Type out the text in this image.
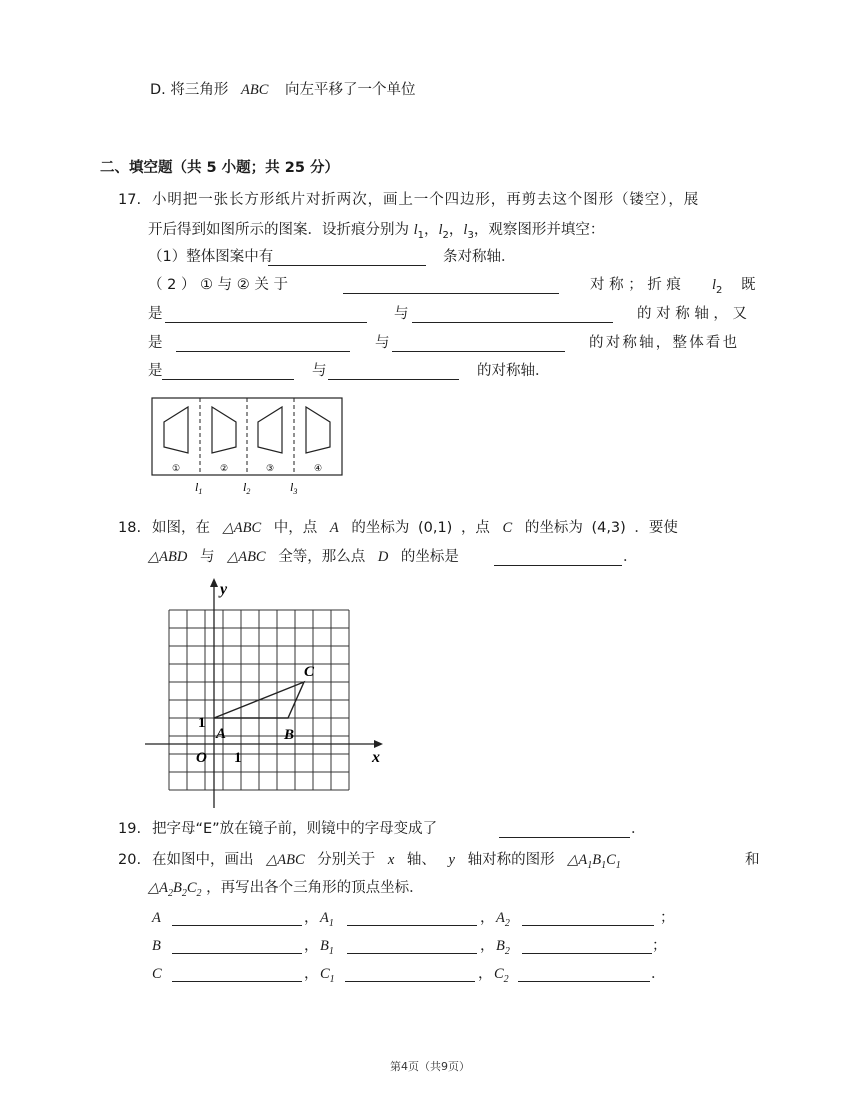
D. 将三角形 ABC 向左平移了一个单位
二、填空题（共 5 小题；共 25 分）
17. 小明把一张长方形纸片对折两次，画上一个四边形，再剪去这个图形（镂空），展
开后得到如图所示的图案．设折痕分别为 $l_1$，$l_2$，$l_3$，观察图形并填空：
（1）整体图案中有	条对称轴．
（ 2 ） ① 与 ② 关 于	对 称 ； 折 痕 $l_2$ 既
是	与	的 对 称 轴 ， 又
是	与	的对称轴，整体看也
是	与	的对称轴．
①	②	③	④
$l_1$	$l_2$	$l_3$
18. 如图，在 △ABC 中，点 A 的坐标为 (0,1) ，点 C 的坐标为 (4,3) ．要使
△ABD 与 △ABC 全等，那么点 D 的坐标是	．
y
x
O 1
1
A	B
C
19. 把字母“E”放在镜子前，则镜中的字母变成了	．
20. 在如图中，画出 △ABC 分别关于 x 轴、 y 轴对称的图形 $\triangle A_1B_1C_1$	和
$\triangle A_2B_2C_2$ ，再写出各个三角形的顶点坐标．
A	， $A_1$	， $A_2$	；
B	， $B_1$	， $B_2$	；
C	， $C_1$	， $C_2$	．
第4页（共9页）
